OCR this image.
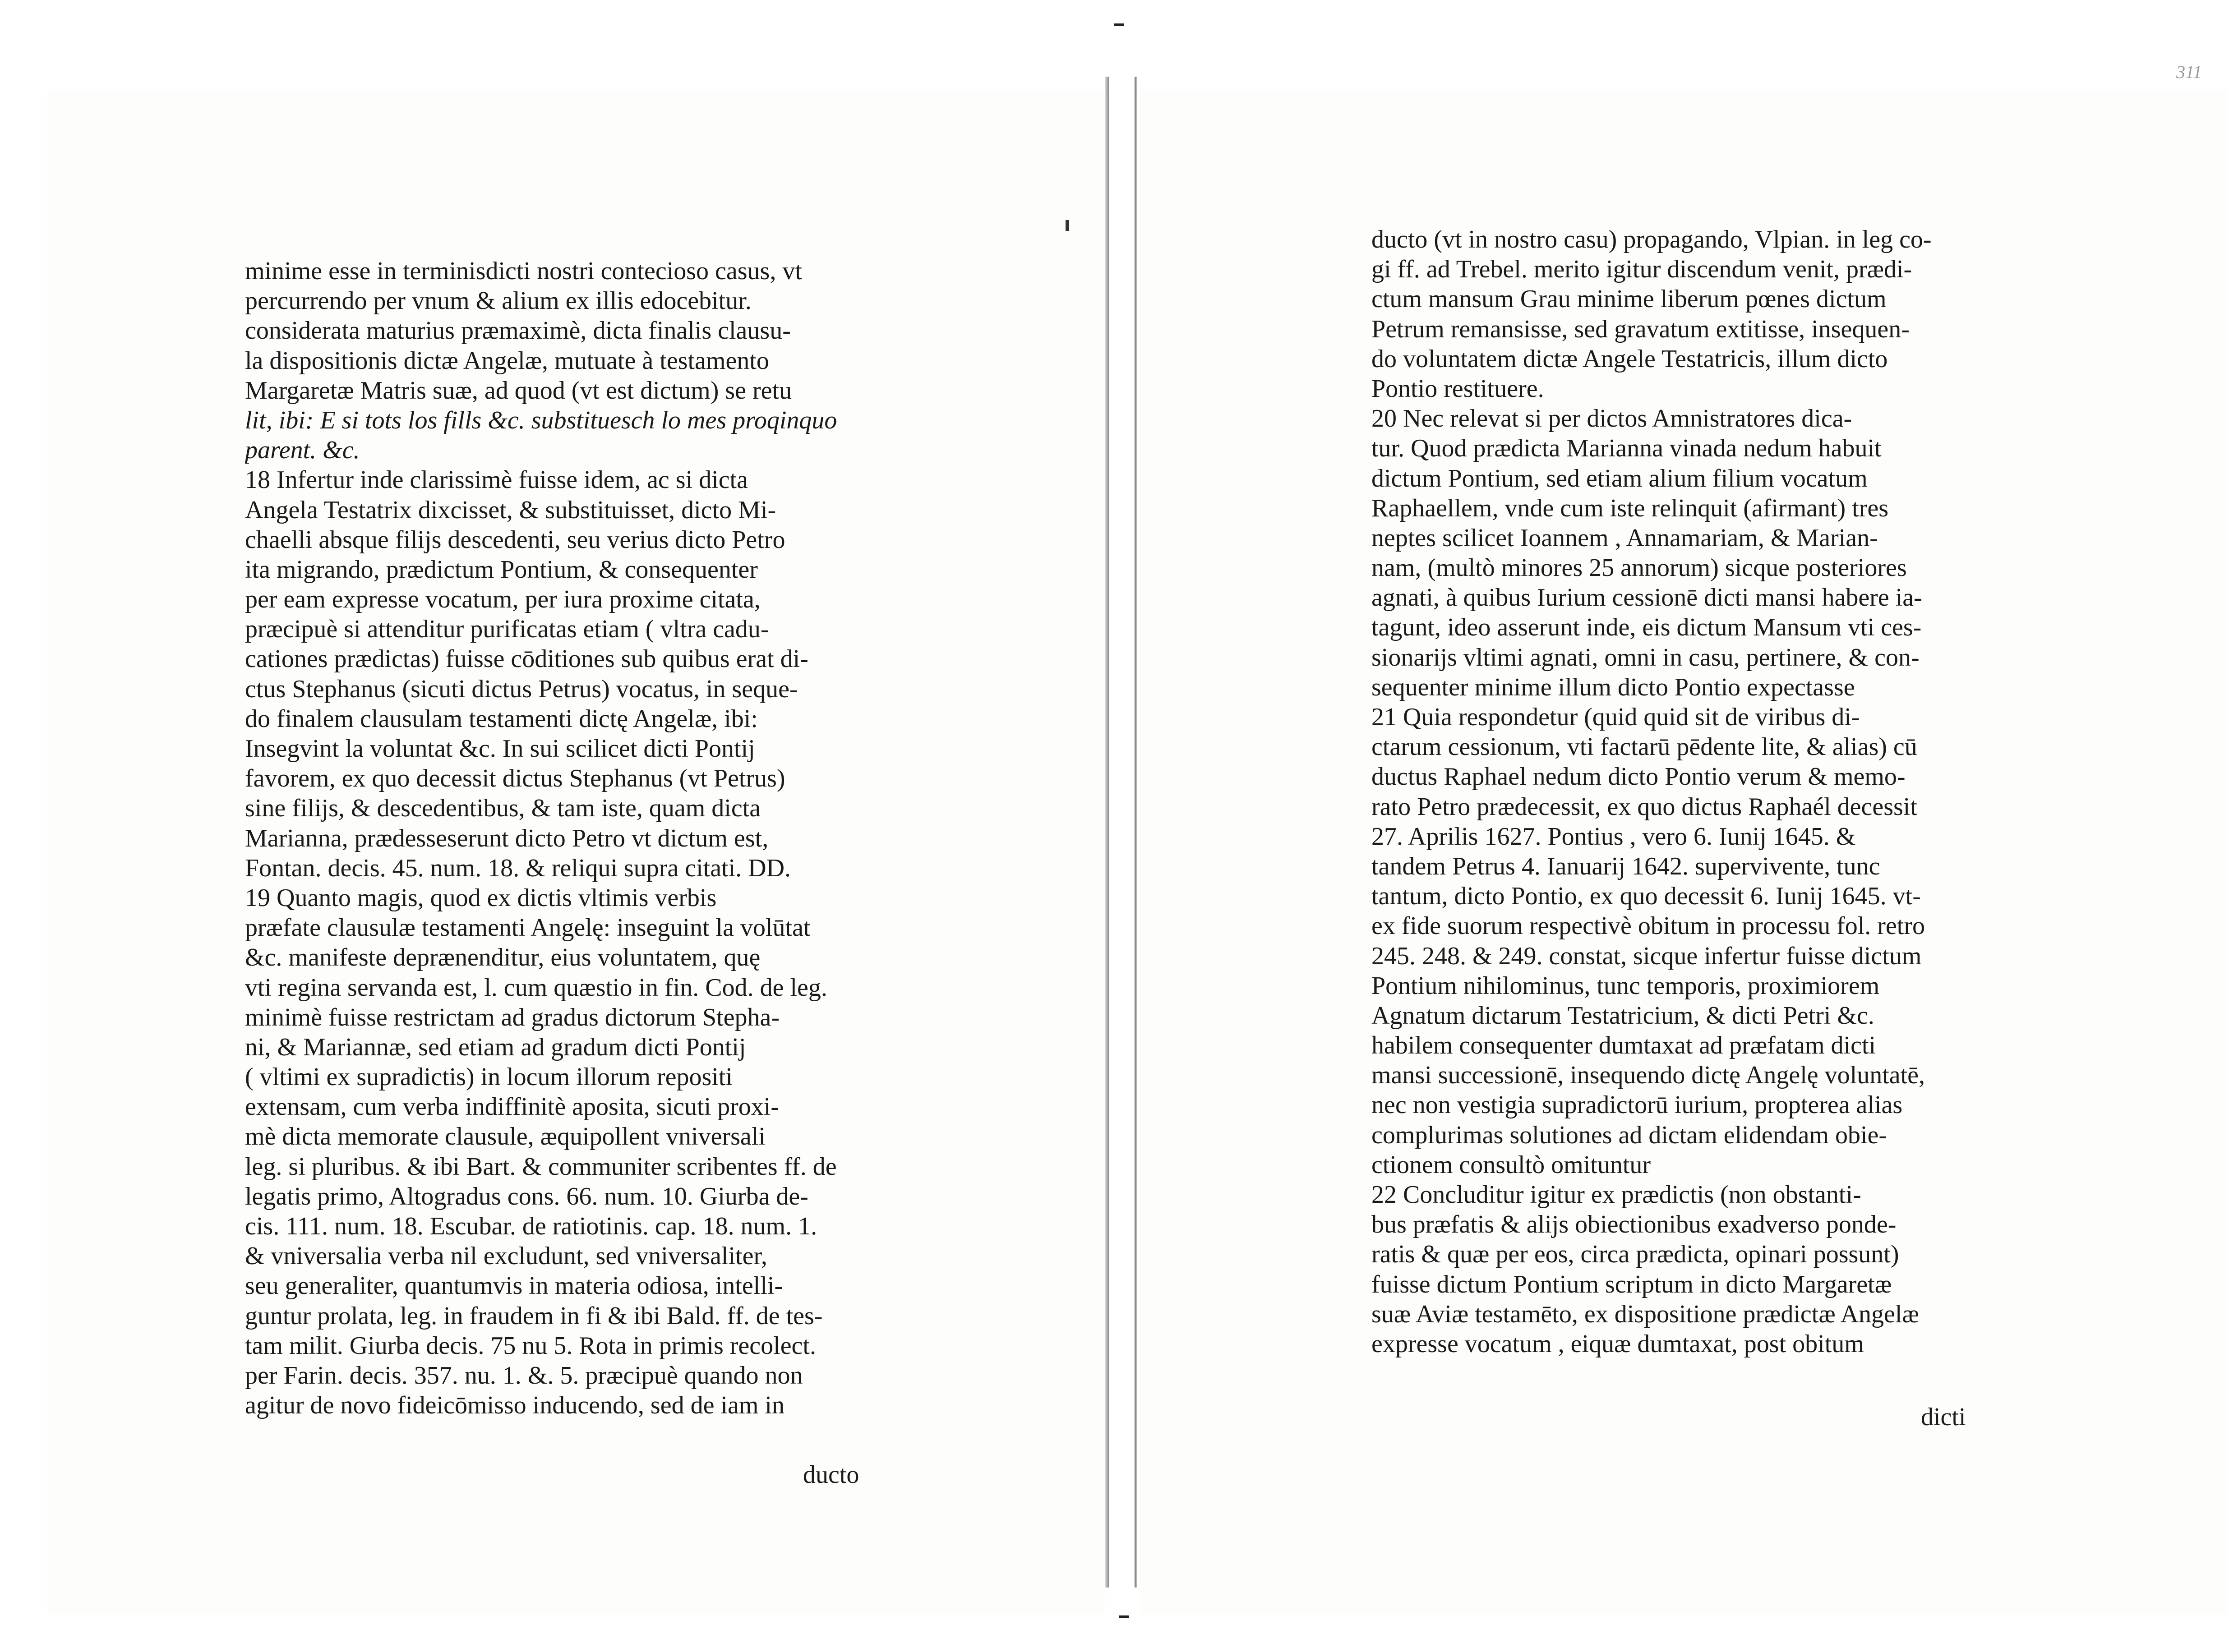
311
minime esse in terminisdicti nostri contecioso casus, vt
percurrendo per vnum & alium ex illis edocebitur.
considerata maturius præmaximè, dicta finalis clausu-
la dispositionis dictæ Angelæ, mutuate à testamento
Margaretæ Matris suæ, ad quod (vt est dictum) se retu
lit, ibi: E si tots los fills &c. substituesch lo mes proqinquo
parent. &c.
18 Infertur inde clarissimè fuisse idem, ac si dicta
Angela Testatrix dixcisset, & substituisset, dicto Mi-
chaelli absque filijs descedenti, seu verius dicto Petro
ita migrando, prædictum Pontium, & consequenter
per eam expresse vocatum, per iura proxime citata,
præcipuè si attenditur purificatas etiam ( vltra cadu-
cationes prædictas) fuisse cōditiones sub quibus erat di-
ctus Stephanus (sicuti dictus Petrus) vocatus, in seque-
do finalem clausulam testamenti dictę Angelæ, ibi:
Insegvint la voluntat &c. In sui scilicet dicti Pontij
favorem, ex quo decessit dictus Stephanus (vt Petrus)
sine filijs, & descedentibus, & tam iste, quam dicta
Marianna, prædesseserunt dicto Petro vt dictum est,
Fontan. decis. 45. num. 18. & reliqui supra citati. DD.
19 Quanto magis, quod ex dictis vltimis verbis
præfate clausulæ testamenti Angelę: inseguint la volūtat
&c. manifeste deprænenditur, eius voluntatem, quę
vti regina servanda est, l. cum quæstio in fin. Cod. de leg.
minimè fuisse restrictam ad gradus dictorum Stepha-
ni, & Mariannæ, sed etiam ad gradum dicti Pontij
( vltimi ex supradictis) in locum illorum repositi
extensam, cum verba indiffinitè aposita, sicuti proxi-
mè dicta memorate clausule, æquipollent vniversali
leg. si pluribus. & ibi Bart. & communiter scribentes ff. de
legatis primo, Altogradus cons. 66. num. 10. Giurba de-
cis. 111. num. 18. Escubar. de ratiotinis. cap. 18. num. 1.
& vniversalia verba nil excludunt, sed vniversaliter,
seu generaliter, quantumvis in materia odiosa, intelli-
guntur prolata, leg. in fraudem in fi & ibi Bald. ff. de tes-
tam milit. Giurba decis. 75 nu 5. Rota in primis recolect.
per Farin. decis. 357. nu. 1. &. 5. præcipuè quando non
agitur de novo fideicōmisso inducendo, sed de iam in
ducto
ducto (vt in nostro casu) propagando, Vlpian. in leg co-
gi ff. ad Trebel. merito igitur discendum venit, prædi-
ctum mansum Grau minime liberum pœnes dictum
Petrum remansisse, sed gravatum extitisse, insequen-
do voluntatem dictæ Angele Testatricis, illum dicto
Pontio restituere.
20 Nec relevat si per dictos Amnistratores dica-
tur. Quod prædicta Marianna vinada nedum habuit
dictum Pontium, sed etiam alium filium vocatum
Raphaellem, vnde cum iste relinquit (afirmant) tres
neptes scilicet Ioannem , Annamariam, & Marian-
nam, (multò minores 25 annorum) sicque posteriores
agnati, à quibus Iurium cessionē dicti mansi habere ia-
tagunt, ideo asserunt inde, eis dictum Mansum vti ces-
sionarijs vltimi agnati, omni in casu, pertinere, & con-
sequenter minime illum dicto Pontio expectasse
21 Quia respondetur (quid quid sit de viribus di-
ctarum cessionum, vti factarū pēdente lite, & alias) cū
ductus Raphael nedum dicto Pontio verum & memo-
rato Petro prædecessit, ex quo dictus Raphaél decessit
27. Aprilis 1627. Pontius , vero 6. Iunij 1645. &
tandem Petrus 4. Ianuarij 1642. supervivente, tunc
tantum, dicto Pontio, ex quo decessit 6. Iunij 1645. vt-
ex fide suorum respectivè obitum in processu fol. retro
245. 248. & 249. constat, sicque infertur fuisse dictum
Pontium nihilominus, tunc temporis, proximiorem
Agnatum dictarum Testatricium, & dicti Petri &c.
habilem consequenter dumtaxat ad præfatam dicti
mansi successionē, insequendo dictę Angelę voluntatē,
nec non vestigia supradictorū iurium, propterea alias
complurimas solutiones ad dictam elidendam obie-
ctionem consultò omituntur
22 Concluditur igitur ex prædictis (non obstanti-
bus præfatis & alijs obiectionibus exadverso ponde-
ratis & quæ per eos, circa prædicta, opinari possunt)
fuisse dictum Pontium scriptum in dicto Margaretæ
suæ Aviæ testamēto, ex dispositione prædictæ Angelæ
expresse vocatum , eiquæ dumtaxat, post obitum
dicti
